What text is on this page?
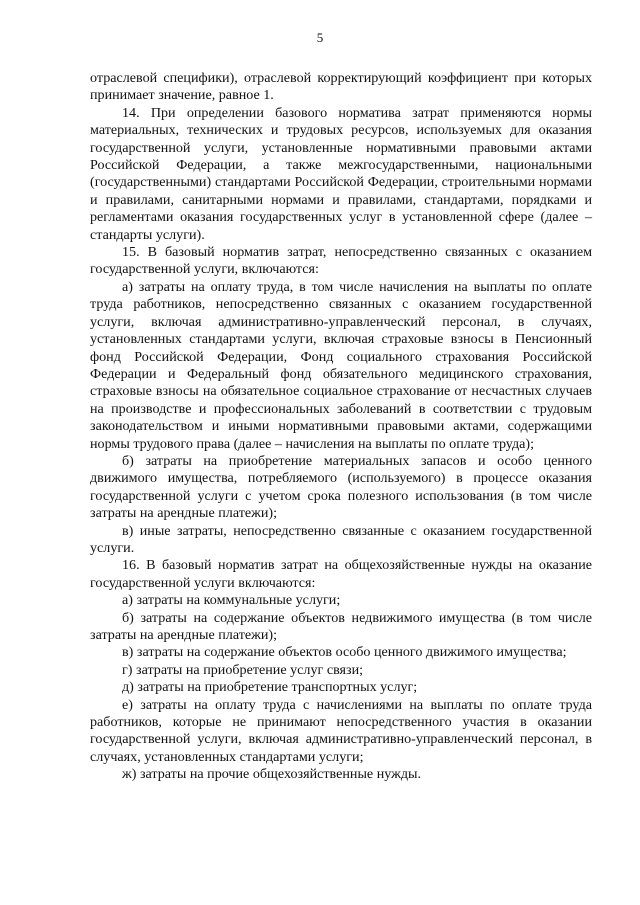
5

отраслевой специфики), отраслевой корректирующий коэффициент при которых принимает значение, равное 1.

14. При определении базового норматива затрат применяются нормы материальных, технических и трудовых ресурсов, используемых для оказания государственной услуги, установленные нормативными правовыми актами Российской Федерации, а также межгосударственными, национальными (государственными) стандартами Российской Федерации, строительными нормами и правилами, санитарными нормами и правилами, стандартами, порядками и регламентами оказания государственных услуг в установленной сфере (далее – стандарты услуги).

15. В базовый норматив затрат, непосредственно связанных с оказанием государственной услуги, включаются:

а) затраты на оплату труда, в том числе начисления на выплаты по оплате труда работников, непосредственно связанных с оказанием государственной услуги, включая административно-управленческий персонал, в случаях, установленных стандартами услуги, включая страховые взносы в Пенсионный фонд Российской Федерации, Фонд социального страхования Российской Федерации и Федеральный фонд обязательного медицинского страхования, страховые взносы на обязательное социальное страхование от несчастных случаев на производстве и профессиональных заболеваний в соответствии с трудовым законодательством и иными нормативными правовыми актами, содержащими нормы трудового права (далее – начисления на выплаты по оплате труда);

б) затраты на приобретение материальных запасов и особо ценного движимого имущества, потребляемого (используемого) в процессе оказания государственной услуги с учетом срока полезного использования (в том числе затраты на арендные платежи);

в) иные затраты, непосредственно связанные с оказанием государственной услуги.

16. В базовый норматив затрат на общехозяйственные нужды на оказание государственной услуги включаются:

а) затраты на коммунальные услуги;

б) затраты на содержание объектов недвижимого имущества (в том числе затраты на арендные платежи);

в) затраты на содержание объектов особо ценного движимого имущества;

г) затраты на приобретение услуг связи;

д) затраты на приобретение транспортных услуг;

е) затраты на оплату труда с начислениями на выплаты по оплате труда работников, которые не принимают непосредственного участия в оказании государственной услуги, включая административно-управленческий персонал, в случаях, установленных стандартами услуги;

ж) затраты на прочие общехозяйственные нужды.
